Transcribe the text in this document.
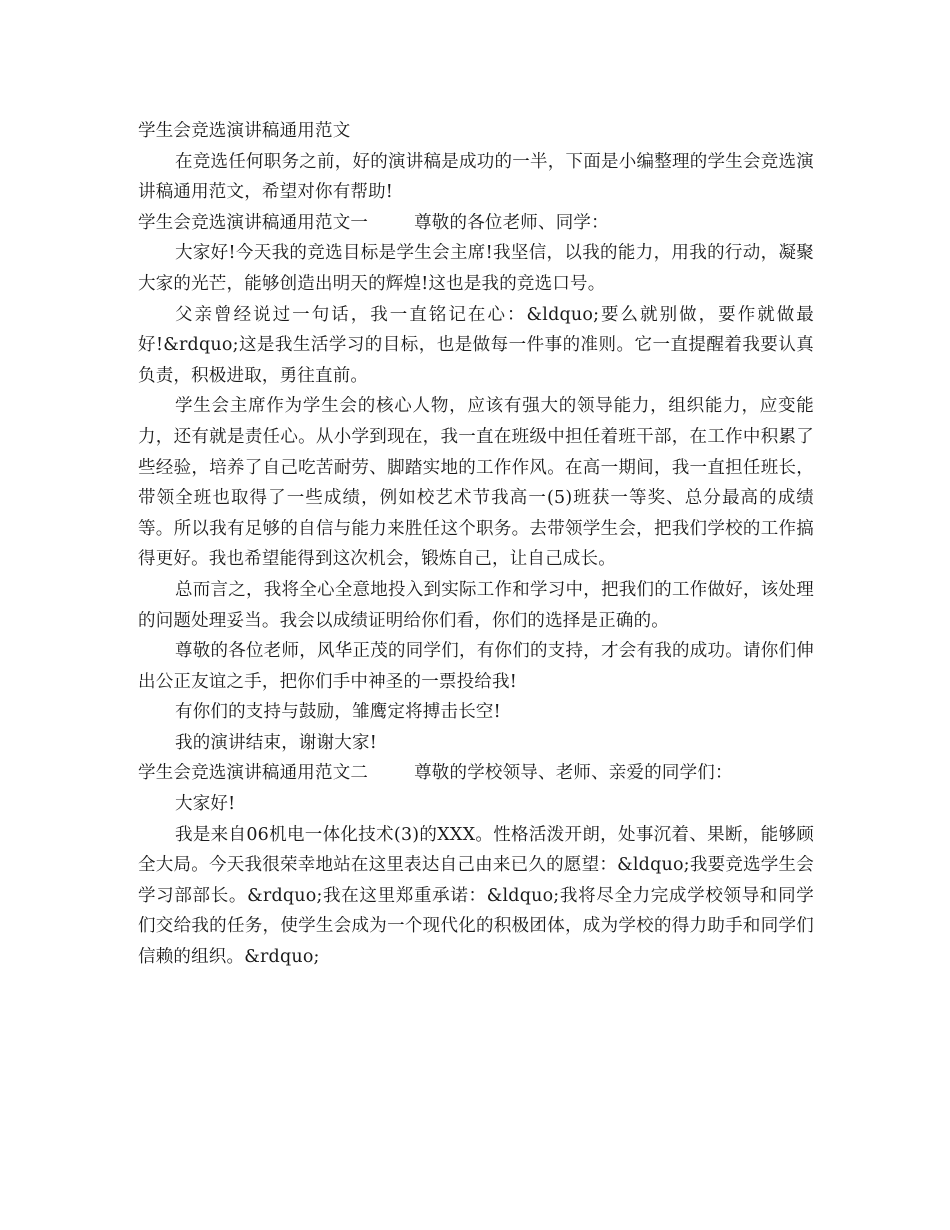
学生会竞选演讲稿通用范文

在竞选任何职务之前，好的演讲稿是成功的一半，下面是小编整理的学生会竞选演讲稿通用范文，希望对你有帮助!

学生会竞选演讲稿通用范文一	尊敬的各位老师、同学：

大家好!今天我的竞选目标是学生会主席!我坚信，以我的能力，用我的行动，凝聚大家的光芒，能够创造出明天的辉煌!这也是我的竞选口号。

父亲曾经说过一句话，我一直铭记在心：&ldquo;要么就别做，要作就做最好!&rdquo;这是我生活学习的目标，也是做每一件事的准则。它一直提醒着我要认真负责，积极进取，勇往直前。

学生会主席作为学生会的核心人物，应该有强大的领导能力，组织能力，应变能力，还有就是责任心。从小学到现在，我一直在班级中担任着班干部，在工作中积累了些经验，培养了自己吃苦耐劳、脚踏实地的工作作风。在高一期间，我一直担任班长，带领全班也取得了一些成绩，例如校艺术节我高一(5)班获一等奖、总分最高的成绩等。所以我有足够的自信与能力来胜任这个职务。去带领学生会，把我们学校的工作搞得更好。我也希望能得到这次机会，锻炼自己，让自己成长。

总而言之，我将全心全意地投入到实际工作和学习中，把我们的工作做好，该处理的问题处理妥当。我会以成绩证明给你们看，你们的选择是正确的。

尊敬的各位老师，风华正茂的同学们，有你们的支持，才会有我的成功。请你们伸出公正友谊之手，把你们手中神圣的一票投给我!

有你们的支持与鼓励，雏鹰定将搏击长空!

我的演讲结束，谢谢大家!

学生会竞选演讲稿通用范文二	尊敬的学校领导、老师、亲爱的同学们：

大家好!

我是来自06机电一体化技术(3)的XXX。性格活泼开朗，处事沉着、果断，能够顾全大局。今天我很荣幸地站在这里表达自己由来已久的愿望：&ldquo;我要竞选学生会学习部部长。&rdquo;我在这里郑重承诺：&ldquo;我将尽全力完成学校领导和同学们交给我的任务，使学生会成为一个现代化的积极团体，成为学校的得力助手和同学们信赖的组织。&rdquo;
